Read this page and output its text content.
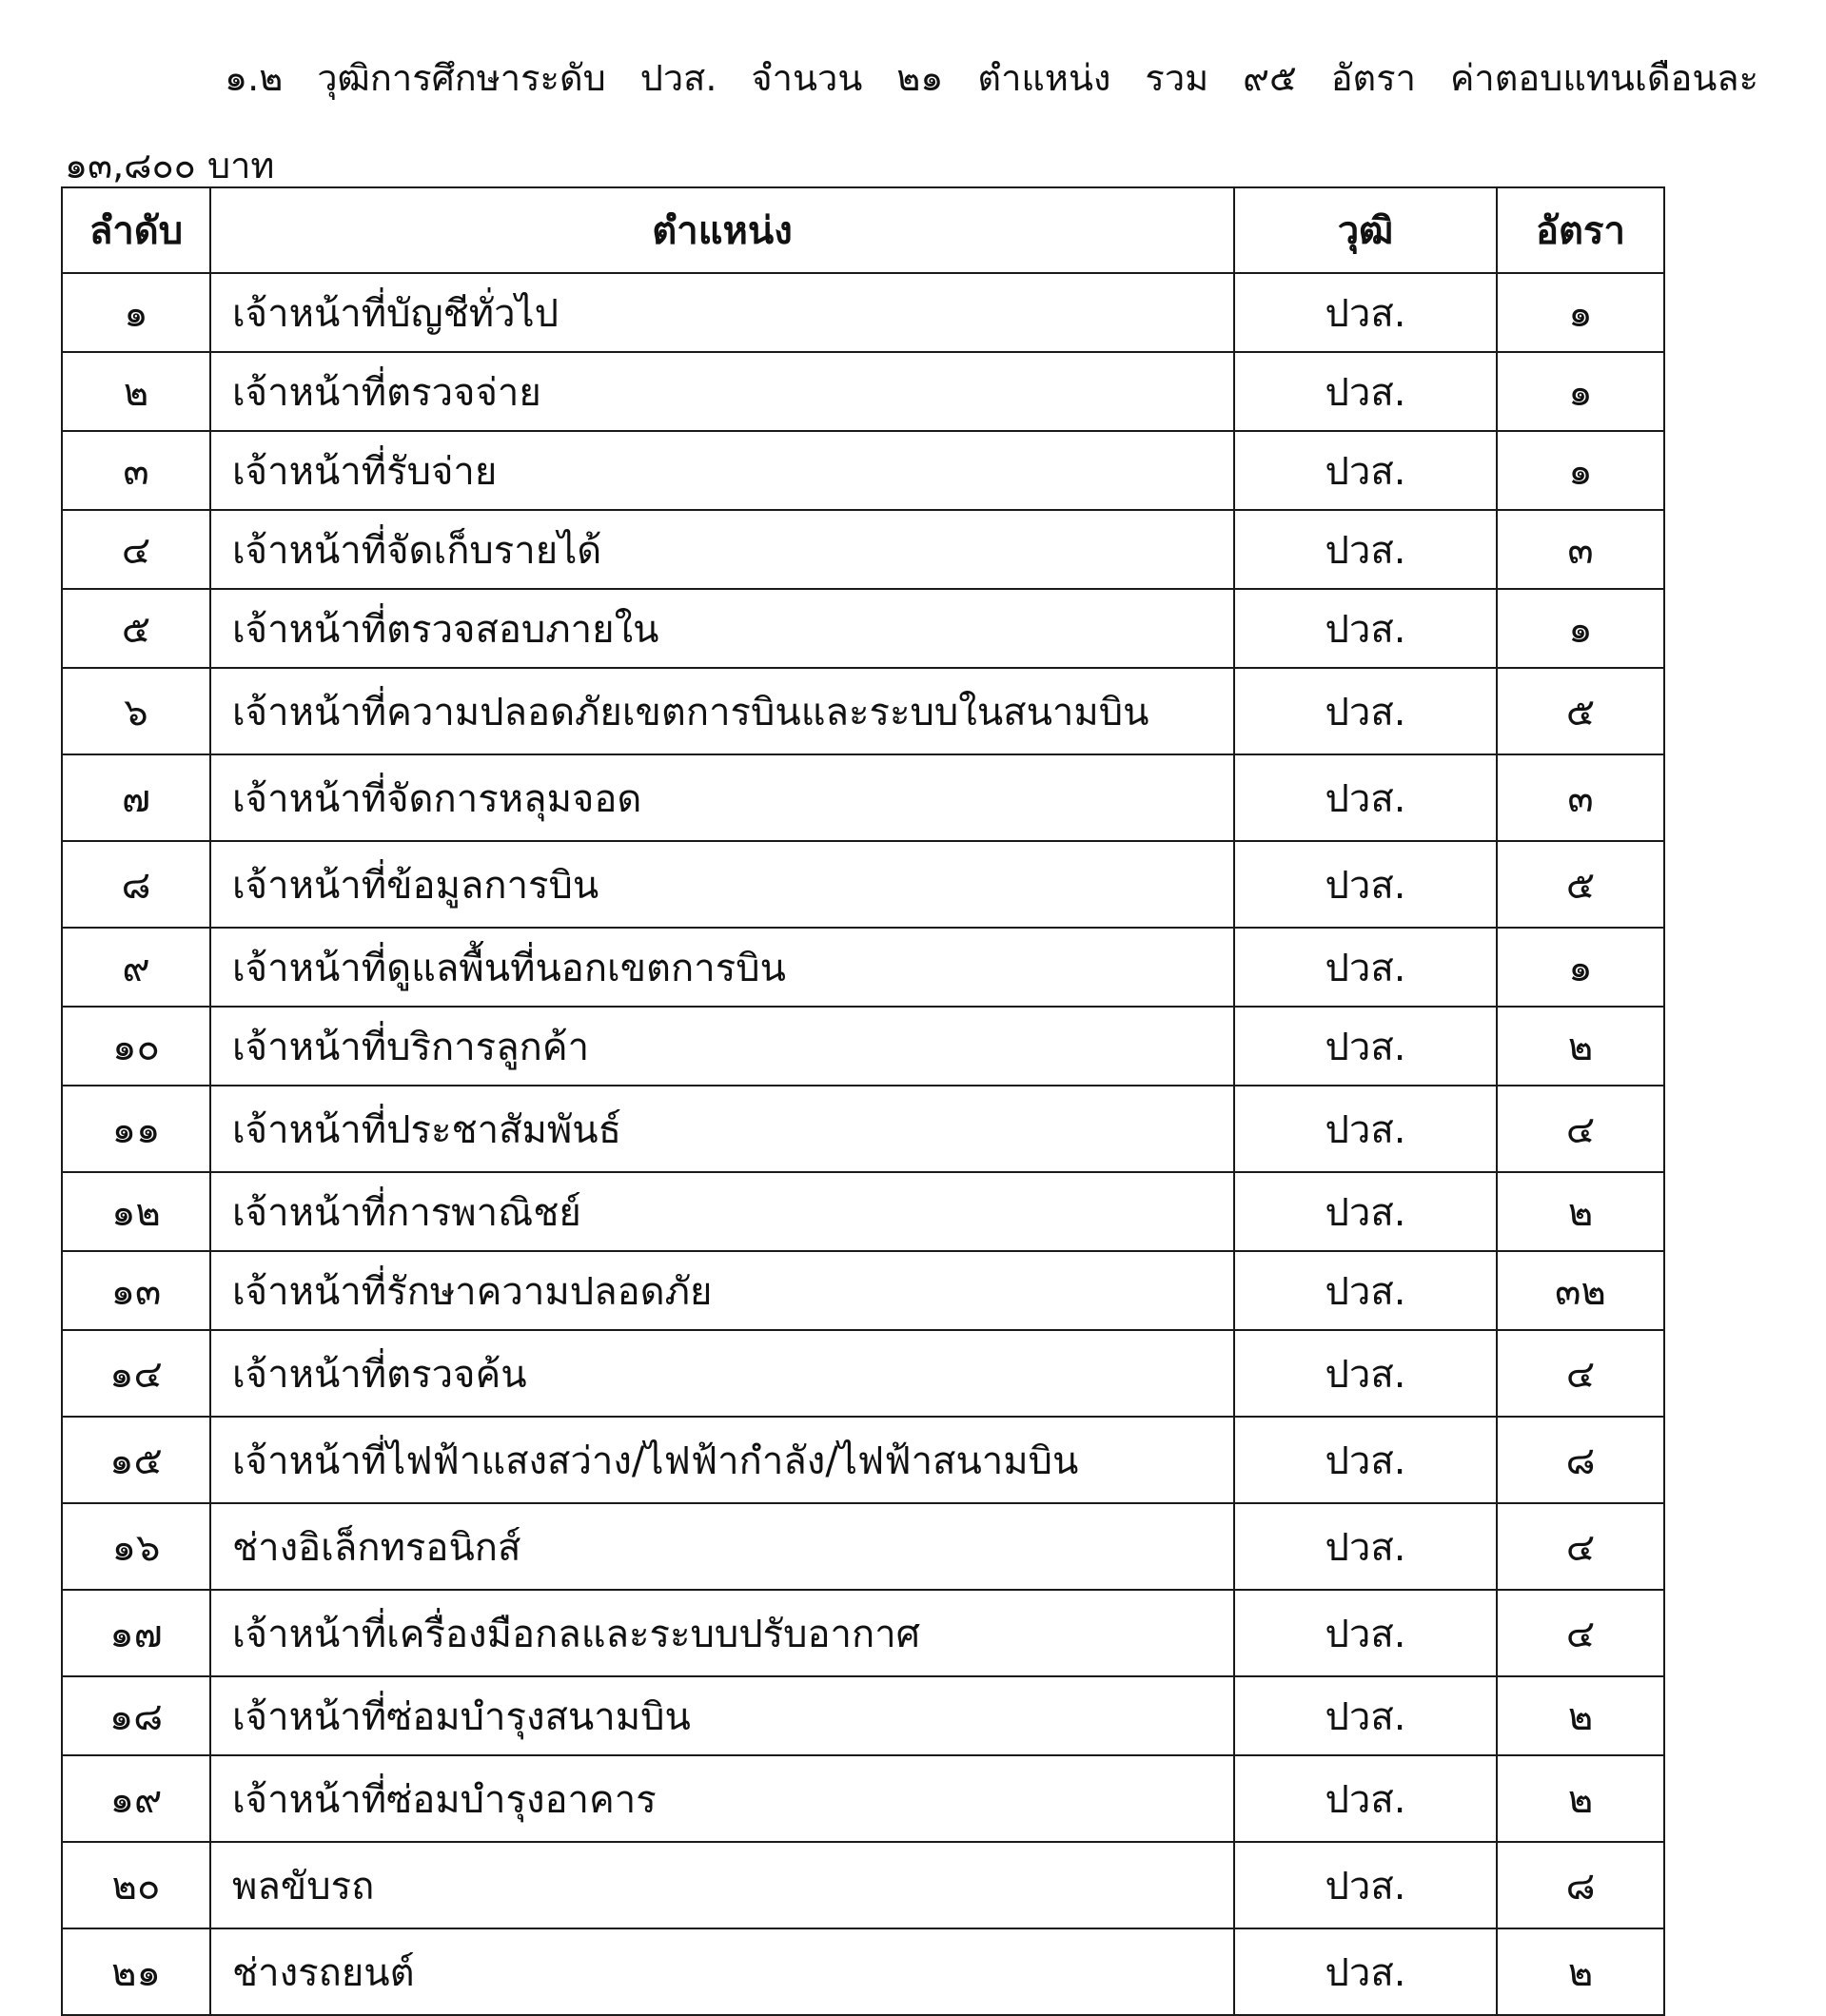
๑.๒ วุฒิการศึกษาระดับ ปวส. จำนวน ๒๑ ตำแหน่ง รวม ๙๕ อัตรา ค่าตอบแทนเดือนละ
๑๓,๘๐๐ บาท
ลำดับ	ตำแหน่ง	วุฒิ	อัตรา
๑	เจ้าหน้าที่บัญชีทั่วไป	ปวส.	๑
๒	เจ้าหน้าที่ตรวจจ่าย	ปวส.	๑
๓	เจ้าหน้าที่รับจ่าย	ปวส.	๑
๔	เจ้าหน้าที่จัดเก็บรายได้	ปวส.	๓
๕	เจ้าหน้าที่ตรวจสอบภายใน	ปวส.	๑
๖	เจ้าหน้าที่ความปลอดภัยเขตการบินและระบบในสนามบิน	ปวส.	๕
๗	เจ้าหน้าที่จัดการหลุมจอด	ปวส.	๓
๘	เจ้าหน้าที่ข้อมูลการบิน	ปวส.	๕
๙	เจ้าหน้าที่ดูแลพื้นที่นอกเขตการบิน	ปวส.	๑
๑๐	เจ้าหน้าที่บริการลูกค้า	ปวส.	๒
๑๑	เจ้าหน้าที่ประชาสัมพันธ์	ปวส.	๔
๑๒	เจ้าหน้าที่การพาณิชย์	ปวส.	๒
๑๓	เจ้าหน้าที่รักษาความปลอดภัย	ปวส.	๓๒
๑๔	เจ้าหน้าที่ตรวจค้น	ปวส.	๔
๑๕	เจ้าหน้าที่ไฟฟ้าแสงสว่าง/ไฟฟ้ากำลัง/ไฟฟ้าสนามบิน	ปวส.	๘
๑๖	ช่างอิเล็กทรอนิกส์	ปวส.	๔
๑๗	เจ้าหน้าที่เครื่องมือกลและระบบปรับอากาศ	ปวส.	๔
๑๘	เจ้าหน้าที่ซ่อมบำรุงสนามบิน	ปวส.	๒
๑๙	เจ้าหน้าที่ซ่อมบำรุงอาคาร	ปวส.	๒
๒๐	พลขับรถ	ปวส.	๘
๒๑	ช่างรถยนต์	ปวส.	๒
